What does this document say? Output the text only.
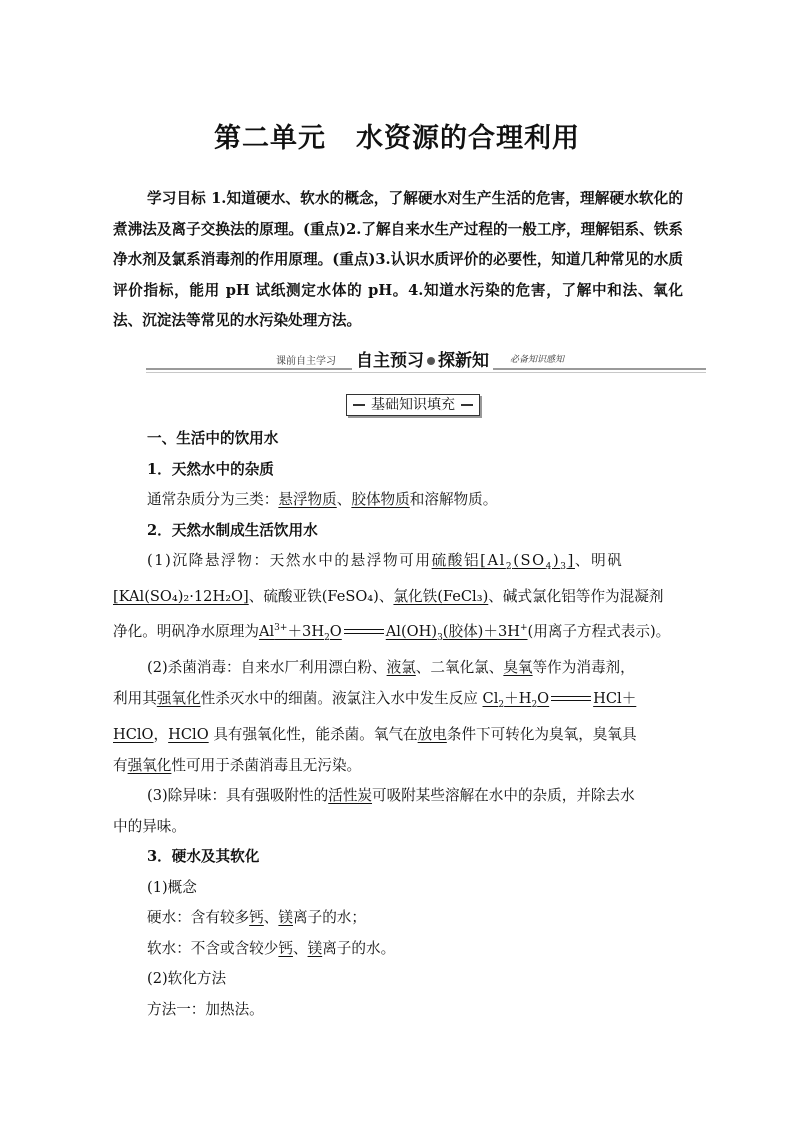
第二单元 水资源的合理利用
学习目标 1.知道硬水、软水的概念，了解硬水对生产生活的危害，理解硬水软化的煮沸法及离子交换法的原理。(重点)2.了解自来水生产过程的一般工序，理解铝系、铁系净水剂及氯系消毒剂的作用原理。(重点)3.认识水质评价的必要性，知道几种常见的水质评价指标，能用 pH 试纸测定水体的 pH。4.知道水污染的危害，了解中和法、氧化法、沉淀法等常见的水污染处理方法。
课前自主学习 自主预习 探新知	必备知识感知
基础知识填充
一、生活中的饮用水
1．天然水中的杂质
通常杂质分为三类：悬浮物质、胶体物质和溶解物质。
2．天然水制成生活饮用水
(1)沉降悬浮物：天然水中的悬浮物可用硫酸铝$[Al_2(SO_4)_3]$、明矾
[KAl(SO₄)₂·12H₂O]、硫酸亚铁(FeSO₄)、氯化铁(FeCl₃)、碱式氯化铝等作为混凝剂
净化。明矾净水原理为$Al^{3+}+3H_2O$	$Al(OH)_3$(胶体)＋3H+(用离子方程式表示)。
(2)杀菌消毒：自来水厂利用漂白粉、液氯、二氧化氯、臭氧等作为消毒剂，
利用其强氧化性杀灭水中的细菌。液氯注入水中发生反应 $Cl_2+H_2O$	HCl＋
HClO，HClO 具有强氧化性，能杀菌。氧气在放电条件下可转化为臭氧，臭氧具
有强氧化性可用于杀菌消毒且无污染。
(3)除异味：具有强吸附性的活性炭可吸附某些溶解在水中的杂质，并除去水
中的异味。
3．硬水及其软化
(1)概念
硬水：含有较多钙、镁离子的水；
软水：不含或含较少钙、镁离子的水。
(2)软化方法
方法一：加热法。
